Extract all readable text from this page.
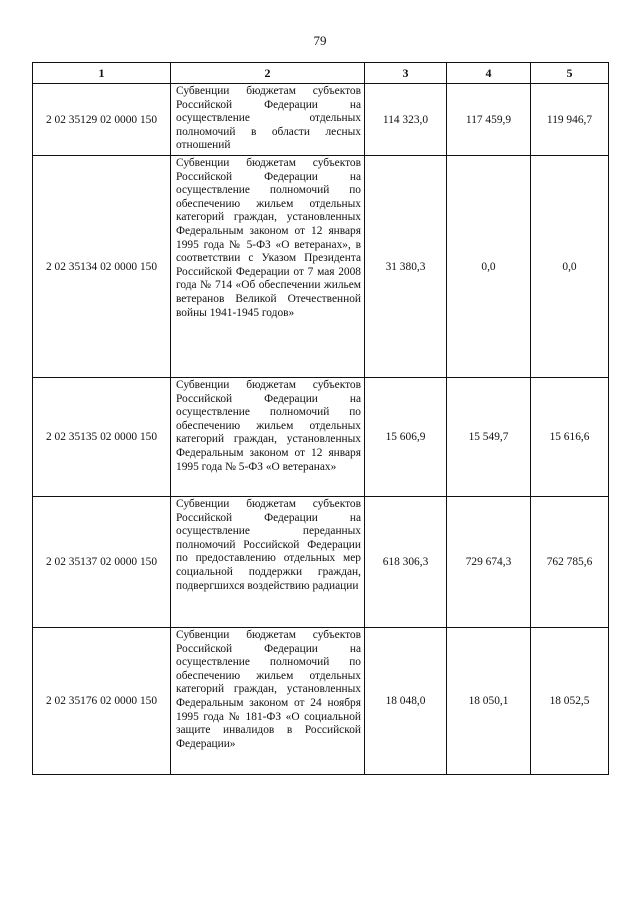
79
1	2	3	4	5
2 02 35129 02 0000 150	Субвенции бюджетам субъектов Российской Федерации на осуществление отдельных полномочий в области лесных отношений	114 323,0	117 459,9	119 946,7
2 02 35134 02 0000 150	Субвенции бюджетам субъектов Российской Федерации на осуществление полномочий по обеспечению жильем отдельных категорий граждан, установленных Федеральным законом от 12 января 1995 года № 5-ФЗ «О ветеранах», в соответствии с Указом Президента Российской Федерации от 7 мая 2008 года № 714 «Об обеспечении жильем ветеранов Великой Отечественной войны 1941-1945 годов»	31 380,3	0,0	0,0
2 02 35135 02 0000 150	Субвенции бюджетам субъектов Российской Федерации на осуществление полномочий по обеспечению жильем отдельных категорий граждан, установленных Федеральным законом от 12 января 1995 года № 5-ФЗ «О ветеранах»	15 606,9	15 549,7	15 616,6
2 02 35137 02 0000 150	Субвенции бюджетам субъектов Российской Федерации на осуществление переданных полномочий Российской Федерации по предоставлению отдельных мер социальной поддержки граждан, подвергшихся воздействию радиации	618 306,3	729 674,3	762 785,6
2 02 35176 02 0000 150	Субвенции бюджетам субъектов Российской Федерации на осуществление полномочий по обеспечению жильем отдельных категорий граждан, установленных Федеральным законом от 24 ноября 1995 года № 181-ФЗ «О социальной защите инвалидов в Российской Федерации»	18 048,0	18 050,1	18 052,5
